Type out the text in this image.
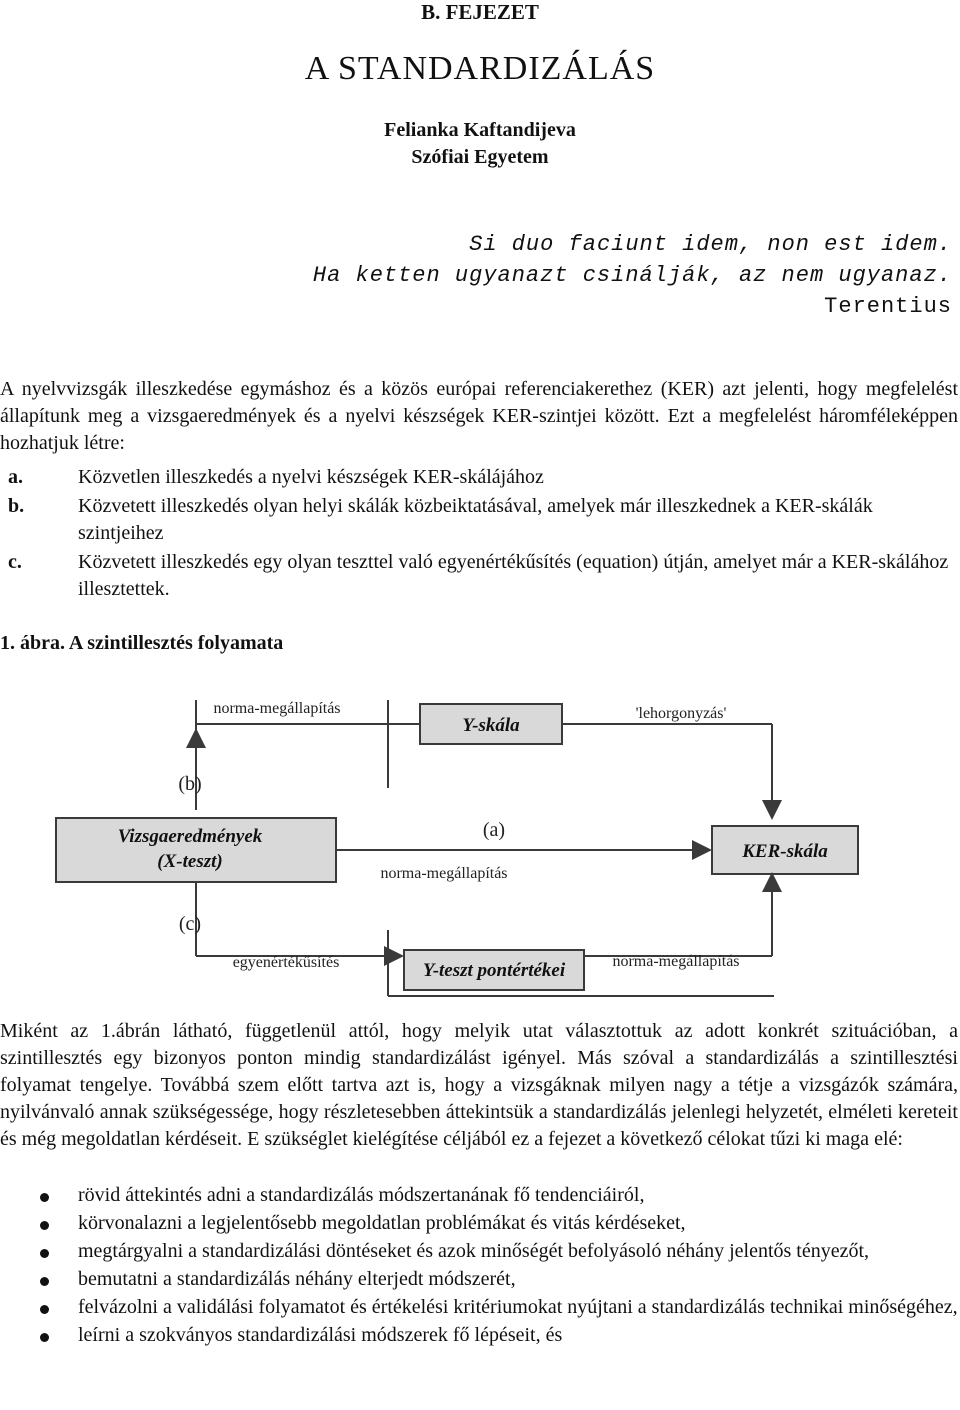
B. FEJEZET
A STANDARDIZÁLÁS
Felianka Kaftandijeva
Szófiai Egyetem
Si duo faciunt idem, non est idem.
Ha ketten ugyanazt csinálják, az nem ugyanaz.
Terentius

A nyelvvizsgák illeszkedése egymáshoz és a közös európai referenciakerethez (KER) azt jelenti, hogy megfelelést állapítunk meg a vizsgaeredmények és a nyelvi készségek KER-szintjei között. Ezt a megfelelést háromféleképpen hozhatjuk létre:

a.	Közvetlen illeszkedés a nyelvi készségek KER-skálájához
b.	Közvetett illeszkedés olyan helyi skálák közbeiktatásával, amelyek már illeszkednek a KER-skálák szintjeihez
c.	Közvetett illeszkedés egy olyan teszttel való egyenértékűsítés (equation) útján, amelyet már a KER-skálához illesztettek.
1. ábra. A szintillesztés folyamata
Y-skála
norma-megállapítás	'lehorgonyzás'
(b)
Vizsgaeredmények
(X-teszt)
(a)
norma-megállapítás
KER-skála
(c)
egyenértékűsítés	Y-teszt pontértékei	norma-megállapítás

Miként az 1.ábrán látható, függetlenül attól, hogy melyik utat választottuk az adott konkrét szituációban, a szintillesztés egy bizonyos ponton mindig standardizálást igényel. Más szóval a standardizálás a szintillesztési folyamat tengelye. Továbbá szem előtt tartva azt is, hogy a vizsgáknak milyen nagy a tétje a vizsgázók számára, nyilvánvaló annak szükségessége, hogy részletesebben áttekintsük a standardizálás jelenlegi helyzetét, elméleti kereteit és még megoldatlan kérdéseit. E szükséglet kielégítése céljából ez a fejezet a következő célokat tűzi ki maga elé:

rövid áttekintés adni a standardizálás módszertanának fő tendenciáiról,
körvonalazni a legjelentősebb megoldatlan problémákat és vitás kérdéseket,
megtárgyalni a standardizálási döntéseket és azok minőségét befolyásoló néhány jelentős tényezőt,
bemutatni a standardizálás néhány elterjedt módszerét,
felvázolni a validálási folyamatot és értékelési kritériumokat nyújtani a standardizálás technikai minőségéhez,
leírni a szokványos standardizálási módszerek fő lépéseit, és
